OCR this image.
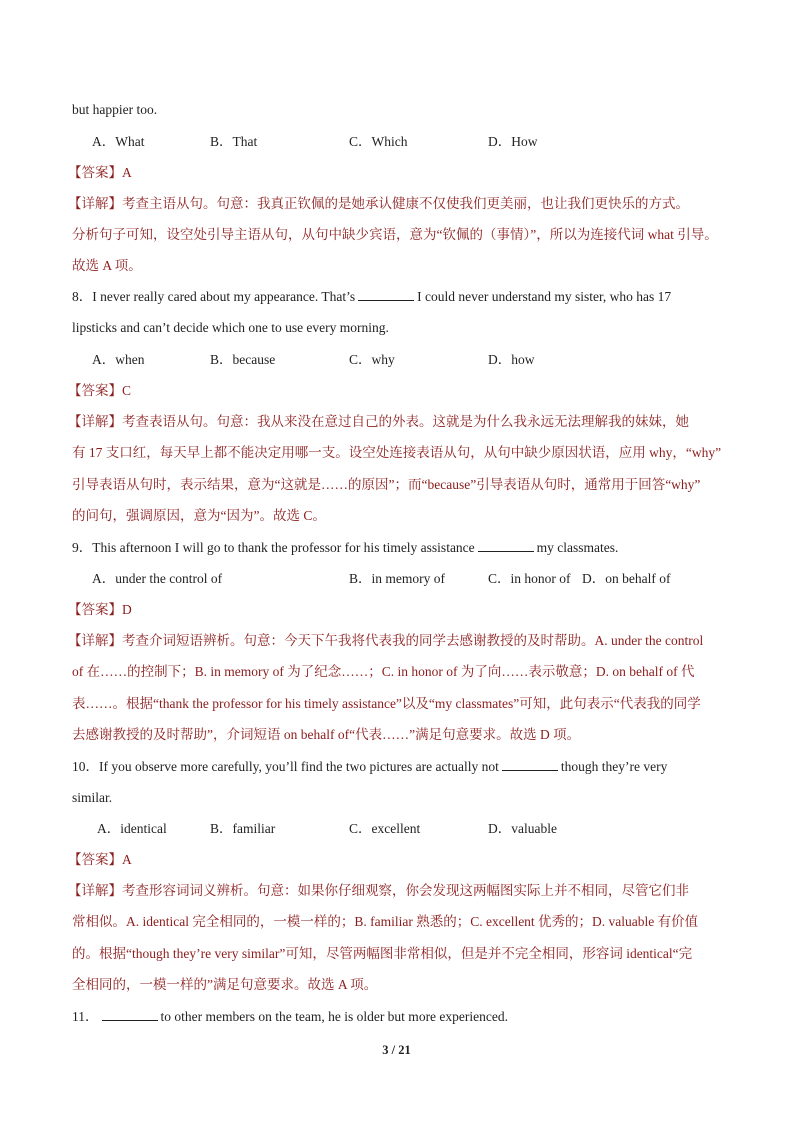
but happier too.
A．What	B．That	C．Which	D．How
【答案】A
【详解】考查主语从句。句意：我真正钦佩的是她承认健康不仅使我们更美丽，也让我们更快乐的方式。
分析句子可知，设空处引导主语从句，从句中缺少宾语，意为“钦佩的（事情）”，所以为连接代词 what 引导。
故选 A 项。
8．I never really cared about my appearance. That’s	I could never understand my sister, who has 17
lipsticks and can’t decide which one to use every morning.
A．when	B．because	C．why	D．how
【答案】C
【详解】考查表语从句。句意：我从来没在意过自己的外表。这就是为什么我永远无法理解我的妹妹，她
有 17 支口红，每天早上都不能决定用哪一支。设空处连接表语从句，从句中缺少原因状语，应用 why，“why”
引导表语从句时，表示结果，意为“这就是……的原因”；而“because”引导表语从句时，通常用于回答“why”
的问句，强调原因，意为“因为”。故选 C。
9．This afternoon I will go to thank the professor for his timely assistance	my classmates.
A．under the control of	B．in memory of	C．in honor of D．on behalf of
【答案】D
【详解】考查介词短语辨析。句意：今天下午我将代表我的同学去感谢教授的及时帮助。A. under the control
of 在……的控制下；B. in memory of 为了纪念……；C. in honor of 为了向……表示敬意；D. on behalf of 代
表……。根据“thank the professor for his timely assistance”以及“my classmates”可知，此句表示“代表我的同学
去感谢教授的及时帮助”，介词短语 on behalf of“代表……”满足句意要求。故选 D 项。
10．If you observe more carefully, you’ll find the two pictures are actually not	though they’re very
similar.
A．identical	B．familiar	C．excellent	D．valuable
【答案】A
【详解】考查形容词词义辨析。句意：如果你仔细观察，你会发现这两幅图实际上并不相同，尽管它们非
常相似。A. identical 完全相同的，一模一样的；B. familiar 熟悉的；C. excellent 优秀的；D. valuable 有价值
的。根据“though they’re very similar”可知，尽管两幅图非常相似，但是并不完全相同，形容词 identical“完
全相同的，一模一样的”满足句意要求。故选 A 项。
11．	to other members on the team, he is older but more experienced.
3 / 21
